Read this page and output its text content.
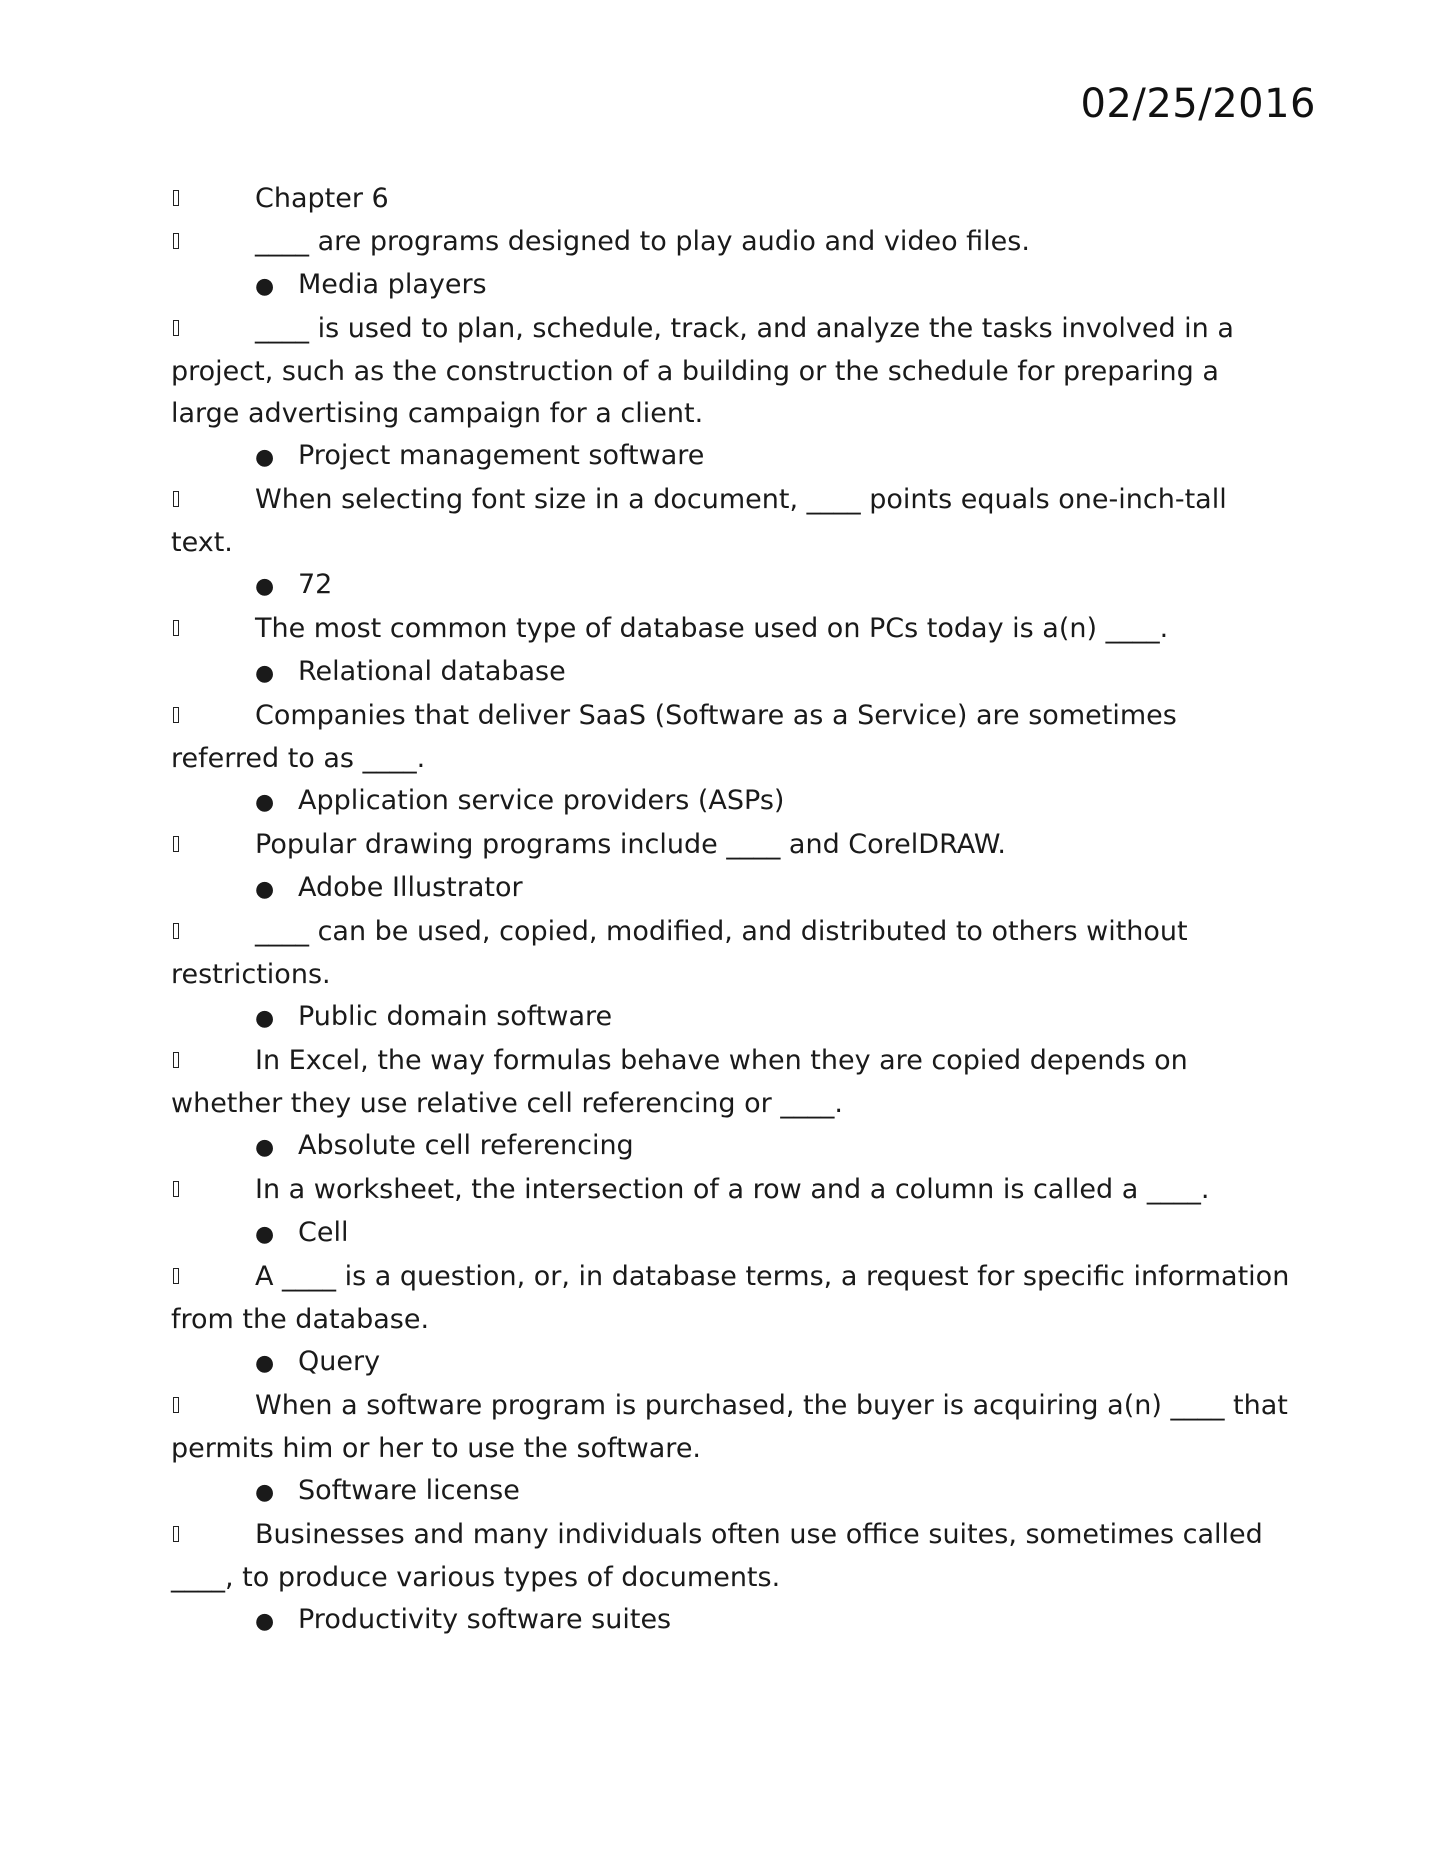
02/25/2016

Chapter 6

____ are programs designed to play audio and video files.

● Media players

____ is used to plan, schedule, track, and analyze the tasks involved in a project, such as the construction of a building or the schedule for preparing a large advertising campaign for a client.

● Project management software

When selecting font size in a document, ____ points equals one-inch-tall text.

● 72

The most common type of database used on PCs today is a(n) ____.

● Relational database

Companies that deliver SaaS (Software as a Service) are sometimes referred to as ____.

● Application service providers (ASPs)

Popular drawing programs include ____ and CorelDRAW.

● Adobe Illustrator

____ can be used, copied, modified, and distributed to others without restrictions.

● Public domain software

In Excel, the way formulas behave when they are copied depends on whether they use relative cell referencing or ____.

● Absolute cell referencing

In a worksheet, the intersection of a row and a column is called a ____.

● Cell

A ____ is a question, or, in database terms, a request for specific information from the database.

● Query

When a software program is purchased, the buyer is acquiring a(n) ____ that permits him or her to use the software.

● Software license

Businesses and many individuals often use office suites, sometimes called ____, to produce various types of documents.

● Productivity software suites
